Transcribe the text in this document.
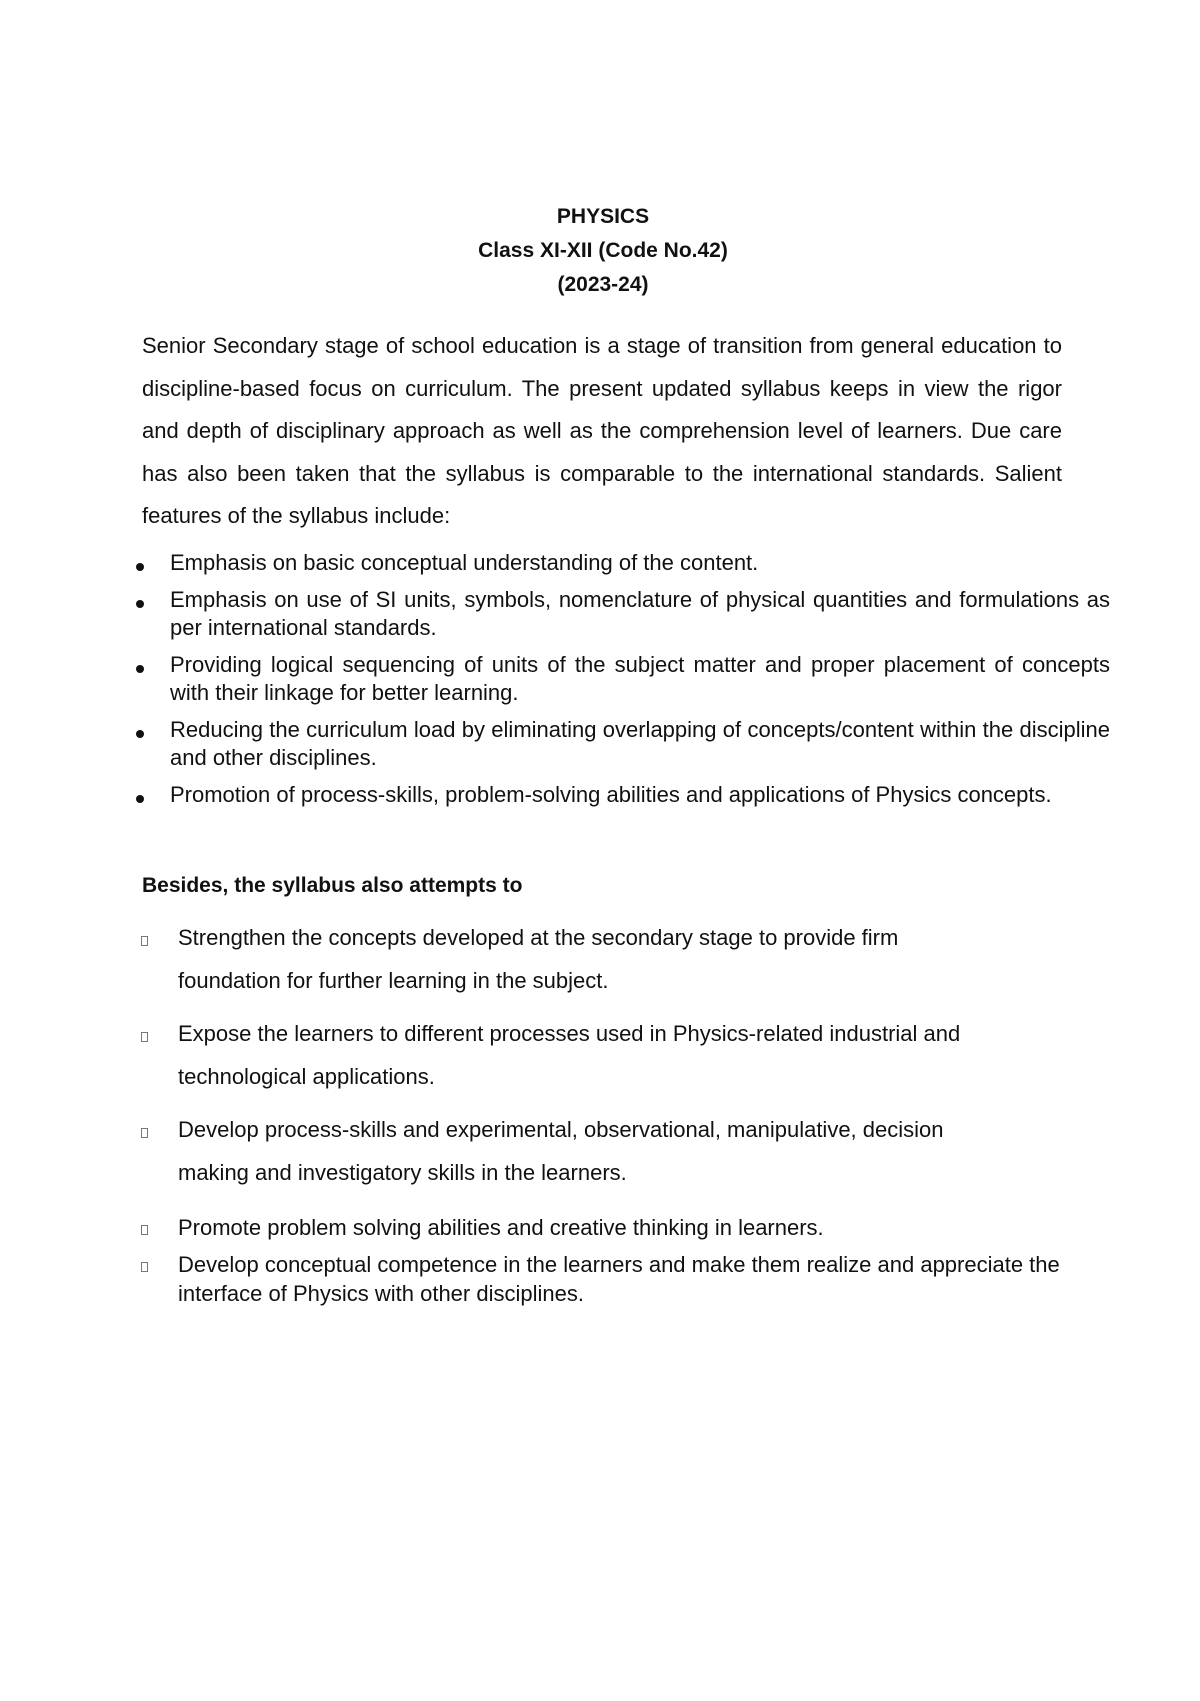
PHYSICS
Class XI-XII (Code No.42)
(2023-24)

Senior Secondary stage of school education is a stage of transition from general education to discipline-based focus on curriculum. The present updated syllabus keeps in view the rigor and depth of disciplinary approach as well as the comprehension level of learners. Due care has also been taken that the syllabus is comparable to the international standards. Salient features of the syllabus include:

Emphasis on basic conceptual understanding of the content.
Emphasis on use of SI units, symbols, nomenclature of physical quantities and formulations as per international standards.
Providing logical sequencing of units of the subject matter and proper placement of concepts with their linkage for better learning.
Reducing the curriculum load by eliminating overlapping of concepts/content within the discipline and other disciplines.
Promotion of process-skills, problem-solving abilities and applications of Physics concepts.
Besides, the syllabus also attempts to
Strengthen the concepts developed at the secondary stage to provide firm foundation for further learning in the subject.
Expose the learners to different processes used in Physics-related industrial and technological applications.
Develop process-skills and experimental, observational, manipulative, decision making and investigatory skills in the learners.
Promote problem solving abilities and creative thinking in learners.
Develop conceptual competence in the learners and make them realize and appreciate the interface of Physics with other disciplines.
